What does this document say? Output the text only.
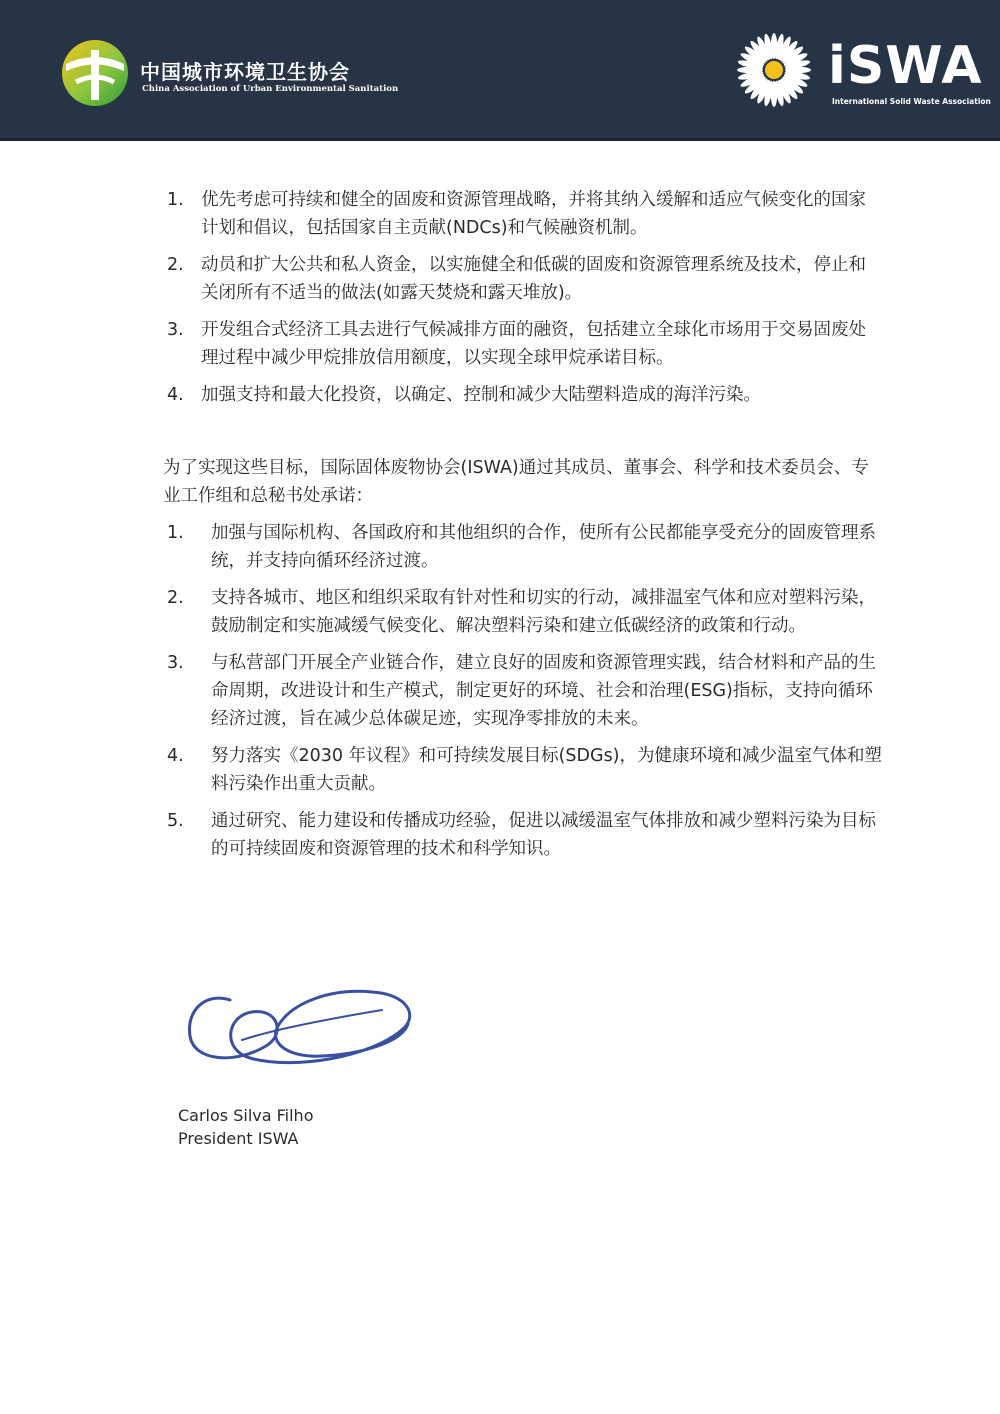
中国城市环境卫生协会
China Association of Urban Environmental Sanitation	iSWA
International Solid Waste Association
1. 优先考虑可持续和健全的固废和资源管理战略，并将其纳入缓解和适应气候变化的国家计划和倡议，包括国家自主贡献(NDCs)和气候融资机制。
2. 动员和扩大公共和私人资金，以实施健全和低碳的固废和资源管理系统及技术，停止和关闭所有不适当的做法(如露天焚烧和露天堆放)。
3. 开发组合式经济工具去进行气候减排方面的融资，包括建立全球化市场用于交易固废处理过程中减少甲烷排放信用额度，以实现全球甲烷承诺目标。
4. 加强支持和最大化投资，以确定、控制和减少大陆塑料造成的海洋污染。

为了实现这些目标，国际固体废物协会(ISWA)通过其成员、董事会、科学和技术委员会、专业工作组和总秘书处承诺：

1.	加强与国际机构、各国政府和其他组织的合作，使所有公民都能享受充分的固废管理系统，并支持向循环经济过渡。
2.	支持各城市、地区和组织采取有针对性和切实的行动，减排温室气体和应对塑料污染，鼓励制定和实施减缓气候变化、解决塑料污染和建立低碳经济的政策和行动。
3.	与私营部门开展全产业链合作，建立良好的固废和资源管理实践，结合材料和产品的生命周期，改进设计和生产模式，制定更好的环境、社会和治理(ESG)指标，支持向循环经济过渡，旨在减少总体碳足迹，实现净零排放的未来。
4.	努力落实《2030 年议程》和可持续发展目标(SDGs)，为健康环境和减少温室气体和塑料污染作出重大贡献。
5.	通过研究、能力建设和传播成功经验，促进以减缓温室气体排放和减少塑料污染为目标的可持续固废和资源管理的技术和科学知识。
Carlos Silva Filho
President ISWA
